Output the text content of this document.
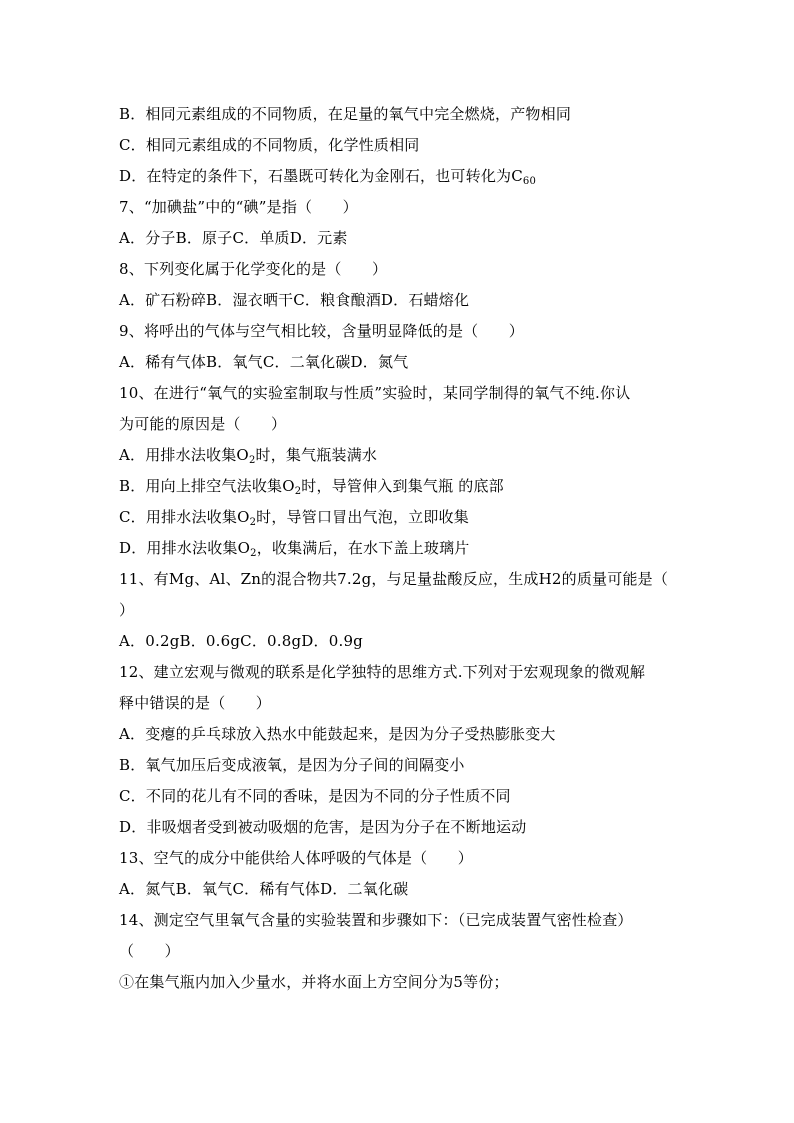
B．相同元素组成的不同物质，在足量的氧气中完全燃烧，产物相同
C．相同元素组成的不同物质，化学性质相同
D．在特定的条件下，石墨既可转化为金刚石，也可转化为$C_{60}$
7、“加碘盐”中的“碘”是指（　　）
A．分子B．原子C．单质D．元素
8、下列变化属于化学变化的是（　　）
A．矿石粉碎B．湿衣晒干C．粮食酿酒D．石蜡熔化
9、将呼出的气体与空气相比较，含量明显降低的是（　　）
A．稀有气体B．氧气C．二氧化碳D．氮气
10、在进行“氧气的实验室制取与性质”实验时，某同学制得的氧气不纯.你认
为可能的原因是（　　）
A．用排水法收集$O_2$时，集气瓶装满水
B．用向上排空气法收集$O_2$时，导管伸入到集气瓶 的底部
C．用排水法收集$O_2$时，导管口冒出气泡，立即收集
D．用排水法收集$O_2$，收集满后，在水下盖上玻璃片
11、有Mg、Al、Zn的混合物共7.2g，与足量盐酸反应，生成H2的质量可能是（
）
A．0.2gB．0.6gC．0.8gD．0.9g
12、建立宏观与微观的联系是化学独特的思维方式.下列对于宏观现象的微观解
释中错误的是（　　）
A．变瘪的乒乓球放入热水中能鼓起来，是因为分子受热膨胀变大
B．氧气加压后变成液氧，是因为分子间的间隔变小
C．不同的花儿有不同的香味，是因为不同的分子性质不同
D．非吸烟者受到被动吸烟的危害，是因为分子在不断地运动
13、空气的成分中能供给人体呼吸的气体是（　　）
A．氮气B．氧气C．稀有气体D．二氧化碳
14、测定空气里氧气含量的实验装置和步骤如下：（已完成装置气密性检查）
（　　）
①在集气瓶内加入少量水，并将水面上方空间分为5等份；
